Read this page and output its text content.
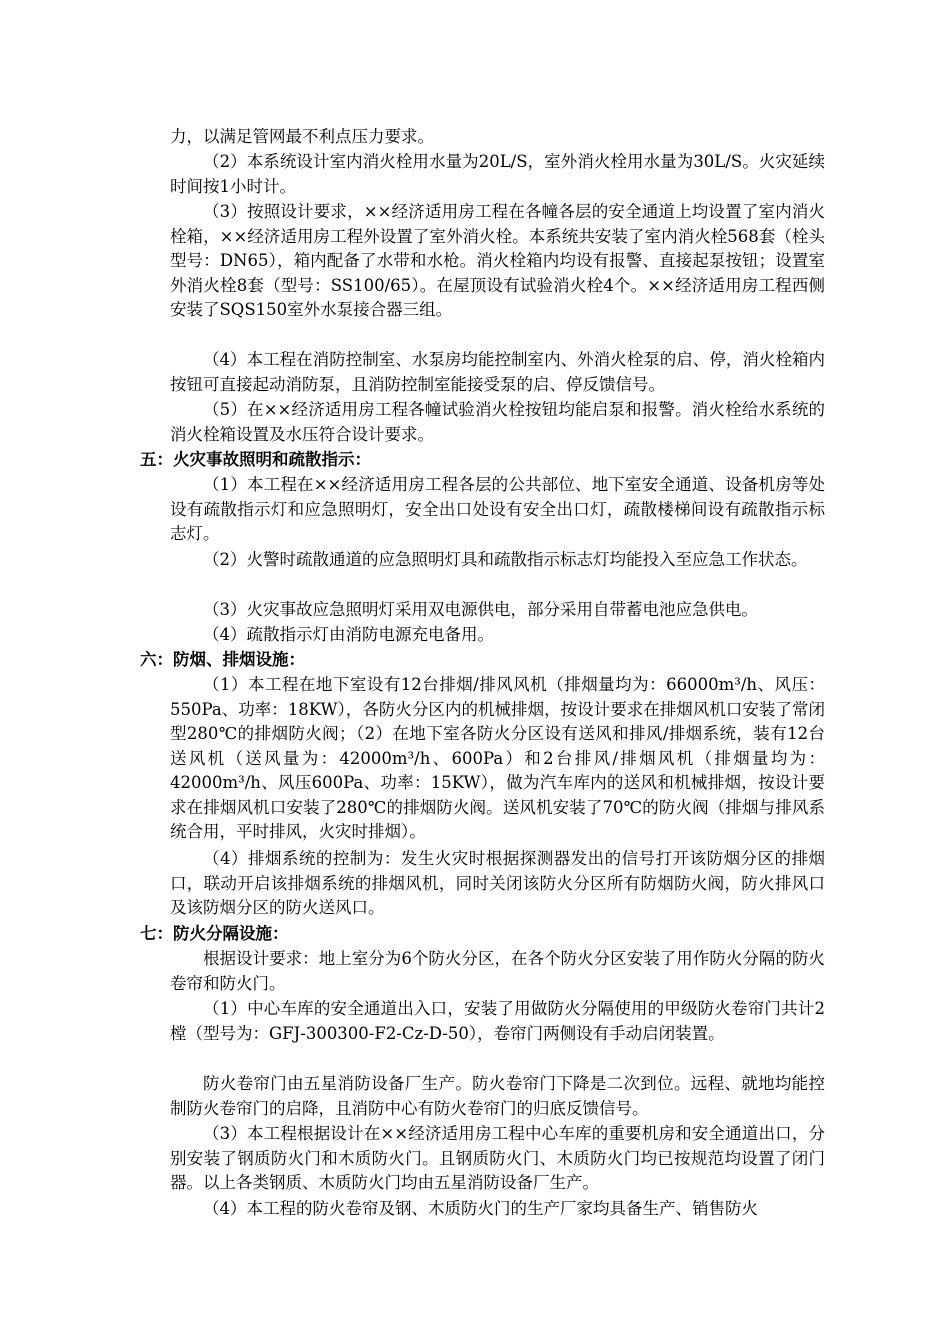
力，以满足管网最不利点压力要求。
（2）本系统设计室内消火栓用水量为20L/S，室外消火栓用水量为30L/S。火灾延续时间按1小时计。
（3）按照设计要求，××经济适用房工程在各幢各层的安全通道上均设置了室内消火栓箱，××经济适用房工程外设置了室外消火栓。本系统共安装了室内消火栓568套（栓头型号：DN65），箱内配备了水带和水枪。消火栓箱内均设有报警、直接起泵按钮；设置室外消火栓8套（型号：SS100/65）。在屋顶设有试验消火栓4个。××经济适用房工程西侧安装了SQS150室外水泵接合器三组。
（4）本工程在消防控制室、水泵房均能控制室内、外消火栓泵的启、停，消火栓箱内按钮可直接起动消防泵，且消防控制室能接受泵的启、停反馈信号。
（5）在××经济适用房工程各幢试验消火栓按钮均能启泵和报警。消火栓给水系统的消火栓箱设置及水压符合设计要求。
五：火灾事故照明和疏散指示：
（1）本工程在××经济适用房工程各层的公共部位、地下室安全通道、设备机房等处设有疏散指示灯和应急照明灯，安全出口处设有安全出口灯，疏散楼梯间设有疏散指示标志灯。
（2）火警时疏散通道的应急照明灯具和疏散指示标志灯均能投入至应急工作状态。
（3）火灾事故应急照明灯采用双电源供电，部分采用自带蓄电池应急供电。
（4）疏散指示灯由消防电源充电备用。
六：防烟、排烟设施：
（1）本工程在地下室设有12台排烟/排风风机（排烟量均为：66000m³/h、风压：550Pa、功率：18KW），各防火分区内的机械排烟，按设计要求在排烟风机口安装了常闭型280℃的排烟防火阀；（2）在地下室各防火分区设有送风和排风/排烟系统，装有12台送风机（送风量为：42000m³/h、600Pa）和2台排风/排烟风机（排烟量均为：42000m³/h、风压600Pa、功率：15KW），做为汽车库内的送风和机械排烟，按设计要求在排烟风机口安装了280℃的排烟防火阀。送风机安装了70℃的防火阀（排烟与排风系统合用，平时排风，火灾时排烟）。
（4）排烟系统的控制为：发生火灾时根据探测器发出的信号打开该防烟分区的排烟口，联动开启该排烟系统的排烟风机，同时关闭该防火分区所有防烟防火阀，防火排风口及该防烟分区的防火送风口。
七：防火分隔设施：
根据设计要求：地上室分为6个防火分区，在各个防火分区安装了用作防火分隔的防火卷帘和防火门。
（1）中心车库的安全通道出入口，安装了用做防火分隔使用的甲级防火卷帘门共计2樘（型号为：GFJ-300300-F2-Cz-D-50），卷帘门两侧设有手动启闭装置。
防火卷帘门由五星消防设备厂生产。防火卷帘门下降是二次到位。远程、就地均能控制防火卷帘门的启降，且消防中心有防火卷帘门的归底反馈信号。
（3）本工程根据设计在××经济适用房工程中心车库的重要机房和安全通道出口，分别安装了钢质防火门和木质防火门。且钢质防火门、木质防火门均已按规范均设置了闭门器。以上各类钢质、木质防火门均由五星消防设备厂生产。
（4）本工程的防火卷帘及钢、木质防火门的生产厂家均具备生产、销售防火
